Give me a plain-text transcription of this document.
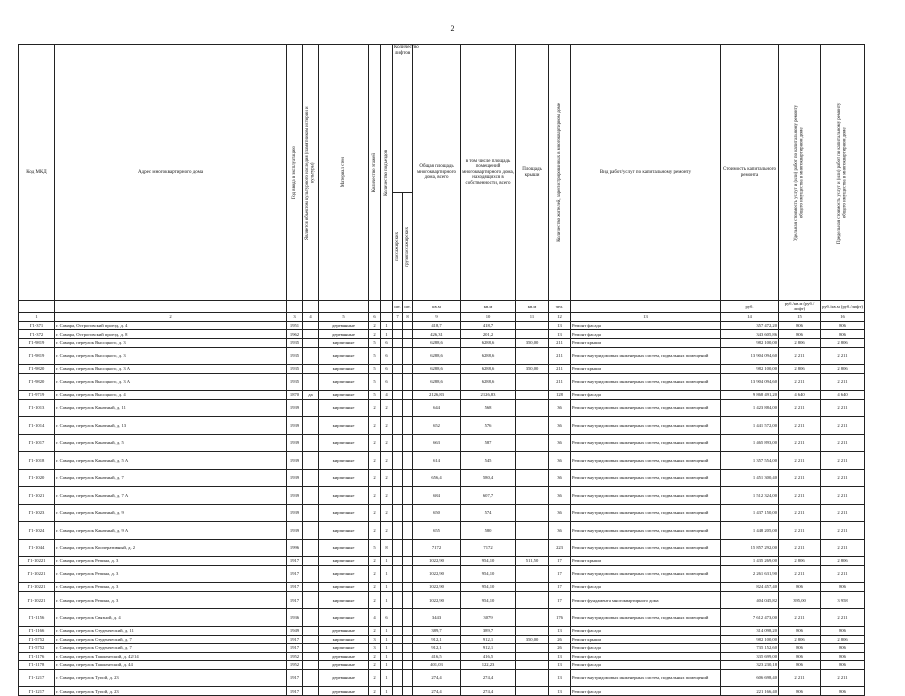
2
Код МКД	Адрес многоквартирного дома	Год ввода в эксплуатацию	Является объектом культурного наследия (памятником истории и культуры)	Материал стен	Количество этажей	Количество подъездов	Количество лифтов		Общая площадь многоквартирного дома, всего	в том числе площадь помещений многоквартирного дома, находящихся в собственности, всего	Площадь крыши	Количество жителей, зарегистрированных в многоквартирном доме	Вид работ/услуг по капитальному ремонту	Стоимость капитального ремонта	Удельная стоимость услуг и (или) работ по капитальному ремонту общего имущества в многоквартирном доме	Предельная стоимость услуг и (или) работ по капитальному ремонту общего имущества в многоквартирном доме

							пассажирских	грузопассажирских								

							шт.	шт.	кв.м	кв.м	кв.м	чел.		руб.	руб./кв.м (руб./лифт)	руб./кв.м (руб./лифт)
1	2	3	4	5	6		7	8	9	10	11	12	13	14	15	16
Г1-371	г. Самара, Остроговский проезд, д. 4	1951		деревянные	2	1			418,7	418,7		13	Ремонт фасада	357 472,20	806	806
Г1-372	г. Самара, Остроговский проезд, д. 8	1962		деревянные	2	1			426,31	201,2		13	Ремонт фасада	343 605,86	806	806
Г1-9819	г. Самара, переулок Высоцкого, д. 3	1935		кирпичные	5	6			6288,6	6288,6	350,00	211	Ремонт крыши	982 100,00	2 806	2 806
Г1-9819	г. Самара, переулок Высоцкого, д. 3	1935		кирпичные	5	6			6288,6	6288,6		211	Ремонт внутридомовых инженерных систем, подвальных помещений	13 904 094,60	2 211	2 211
Г1-9820	г. Самара, переулок Высоцкого, д. 3 А	1935		кирпичные	5	6			6288,6	6288,6	350,00	211	Ремонт крыши	982 100,00	2 806	2 806
Г1-9820	г. Самара, переулок Высоцкого, д. 3 А	1935		кирпичные	5	6			6288,6	6288,6		211	Ремонт внутридомовых инженерных систем, подвальных помещений	13 904 094,60	2 211	2 211
Г1-9719	г. Самара, переулок Высоцкого, д. 4	1870	да	кирпичные	5	4			2126,83	2126,83		128	Ремонт фасада	9 868 491,20	4 640	4 640
Г1-1013	г. Самара, переулок Канатный, д. 11	1939		кирпичные	2	2			644	568		36	Ремонт внутридомовых инженерных систем, подвальных помещений	1 423 884,00	2 211	2 211
Г1-1014	г. Самара, переулок Канатный, д. 13	1939		кирпичные	2	2			652	576		36	Ремонт внутридомовых инженерных систем, подвальных помещений	1 441 572,00	2 211	2 211
Г1-1017	г. Самара, переулок Канатный, д. 5	1939		кирпичные	2	2			663	587		36	Ремонт внутридомовых инженерных систем, подвальных помещений	1 465 893,00	2 211	2 211
Г1-1018	г. Самара, переулок Канатный, д. 5 А	1939		кирпичные	2	2			614	545		36	Ремонт внутридомовых инженерных систем, подвальных помещений	1 357 554,00	2 211	2 211
Г1-1020	г. Самара, переулок Канатный, д. 7	1939		кирпичные	2	2			656,4	580,4		36	Ремонт внутридомовых инженерных систем, подвальных помещений	1 451 300,40	2 211	2 211
Г1-1021	г. Самара, переулок Канатный, д. 7 А	1939		кирпичные	2	2			684	607,7		36	Ремонт внутридомовых инженерных систем, подвальных помещений	1 512 324,00	2 211	2 211
Г1-1023	г. Самара, переулок Канатный, д. 9	1939		кирпичные	2	2			650	574		36	Ремонт внутридомовых инженерных систем, подвальных помещений	1 437 150,00	2 211	2 211
Г1-1024	г. Самара, переулок Канатный, д. 9 А	1939		кирпичные	2	2			655	580		36	Ремонт внутридомовых инженерных систем, подвальных помещений	1 448 205,00	2 211	2 211
Г1-1044	г. Самара, переулок Кооперативный, д. 2	1996		кирпичные	5	8			7172	7172		223	Ремонт внутридомовых инженерных систем, подвальных помещений	15 857 292,00	2 211	2 211
Г1-10221	г. Самара, переулок Репина, д. 3	1917		кирпичные	2	1			1022,90	954,10	511,50	17	Ремонт крыши	1 435 269,00	2 806	2 806
Г1-10221	г. Самара, переулок Репина, д. 3	1917		кирпичные	2	1			1022,90	954,10		17	Ремонт внутридомовых инженерных систем, подвальных помещений	2 261 631,90	2 211	2 211
Г1-10221	г. Самара, переулок Репина, д. 3	1917		кирпичные	2	1			1022,90	954,10		17	Ремонт фасада	824 457,40	806	806
Г1-10221	г. Самара, переулок Репина, д. 3	1917		кирпичные	2	1			1022,90	954,10		17	Ремонт фундамента многоквартирного дома	404 045,82	395,00	3 958
Г1-1156	г. Самара, переулок Связной, д. 4	1936		кирпичные	4	6			3443	3079		176	Ремонт внутридомовых инженерных систем, подвальных помещений	7 612 473,00	2 211	2 211
Г1-1166	г. Самара, переулок Студенческий, д. 11	1949		деревянные	2	1			389,7	389,7		13	Ремонт фасада	314 098,20	806	806
Г1-5752	г. Самара, переулок Студенческий, д. 7	1917		кирпичные	3	1			912,1	912,1	350,00	26	Ремонт крыши	982 100,00	2 806	2 806
Г1-5752	г. Самара, переулок Студенческий, д. 7	1917		кирпичные	3	1			912,1	912,1		26	Ремонт фасада	735 152,60	806	806
Г1-1176	г. Самара, переулок Ташкентский, д. 42/14	1952		деревянные	2	1			416,5	416,5		13	Ремонт фасада	335 699,00	806	806
Г1-1178	г. Самара, переулок Ташкентский, д. 44	1952		деревянные	2	1			401,03	122,23		13	Ремонт фасада	323 230,18	806	806
Г1-1217	г. Самара, переулок Тупой, д. 23	1917		деревянные	2	1			274,4	274,4		13	Ремонт внутридомовых инженерных систем, подвальных помещений	606 698,40	2 211	2 211
Г1-1217	г. Самара, переулок Тупой, д. 23	1917		деревянные	2	1			274,4	274,4		13	Ремонт фасада	221 166,40	806	806
